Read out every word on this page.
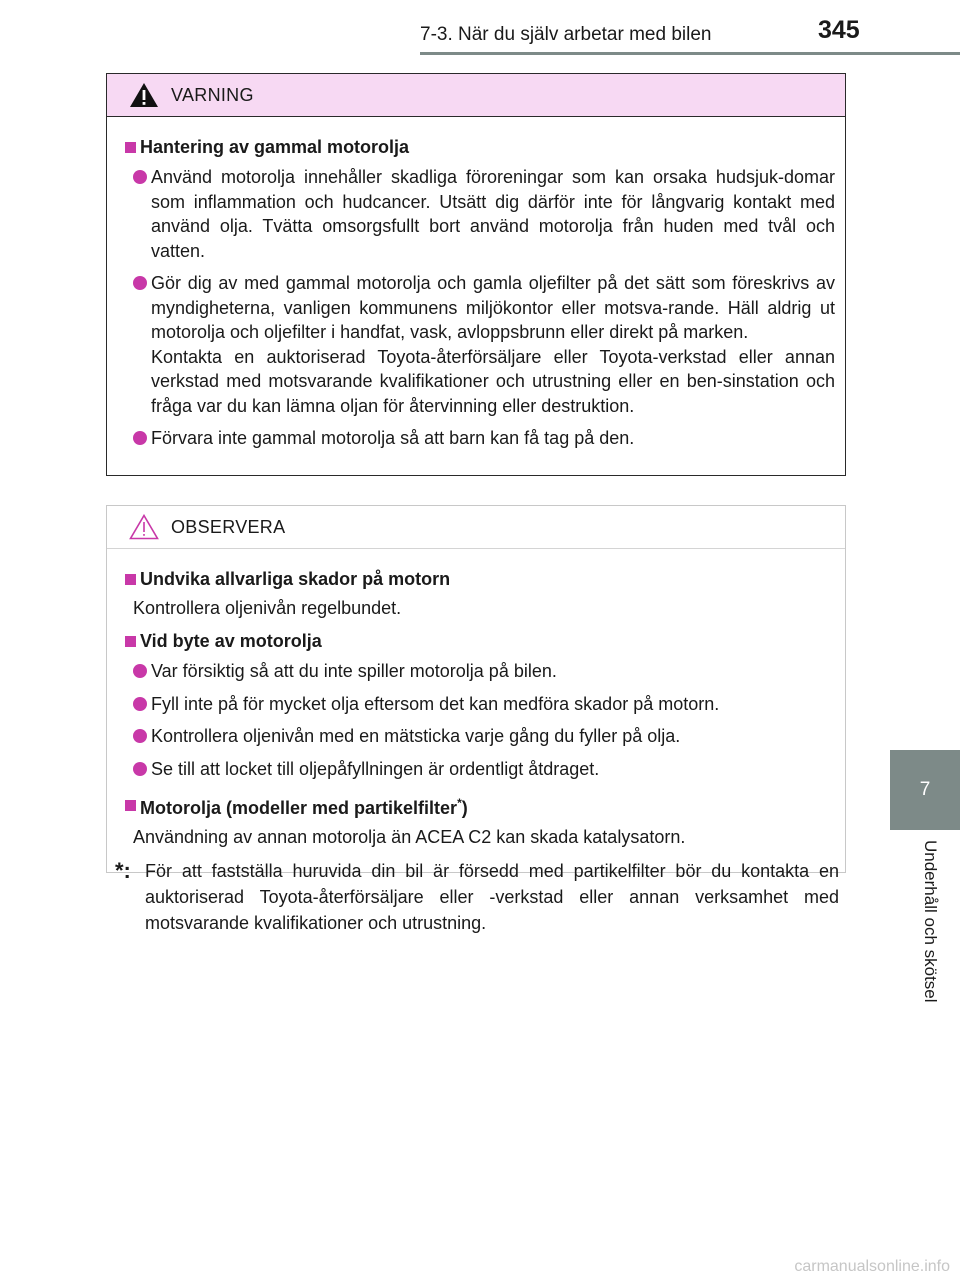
7-3. När du själv arbetar med bilen	345
7
Underhåll och skötsel
VARNING
Hantering av gammal motorolja
Använd motorolja innehåller skadliga föroreningar som kan orsaka hudsjuk-domar som inflammation och hudcancer. Utsätt dig därför inte för långvarig kontakt med använd olja. Tvätta omsorgsfullt bort använd motorolja från huden med tvål och vatten.
Gör dig av med gammal motorolja och gamla oljefilter på det sätt som föreskrivs av myndigheterna, vanligen kommunens miljökontor eller motsva-rande. Häll aldrig ut motorolja och oljefilter i handfat, vask, avloppsbrunn eller direkt på marken.
Kontakta en auktoriserad Toyota-återförsäljare eller Toyota-verkstad eller annan verkstad med motsvarande kvalifikationer och utrustning eller en ben-sinstation och fråga var du kan lämna oljan för återvinning eller destruktion.
Förvara inte gammal motorolja så att barn kan få tag på den.
OBSERVERA
Undvika allvarliga skador på motorn
Kontrollera oljenivån regelbundet.
Vid byte av motorolja
Var försiktig så att du inte spiller motorolja på bilen.
Fyll inte på för mycket olja eftersom det kan medföra skador på motorn.
Kontrollera oljenivån med en mätsticka varje gång du fyller på olja.
Se till att locket till oljepåfyllningen är ordentligt åtdraget.
Motorolja (modeller med partikelfilter*)
Användning av annan motorolja än ACEA C2 kan skada katalysatorn.
*: För att fastställa huruvida din bil är försedd med partikelfilter bör du kontakta en auktoriserad Toyota-återförsäljare eller -verkstad eller annan verksamhet med motsvarande kvalifikationer och utrustning.
carmanualsonline.info
